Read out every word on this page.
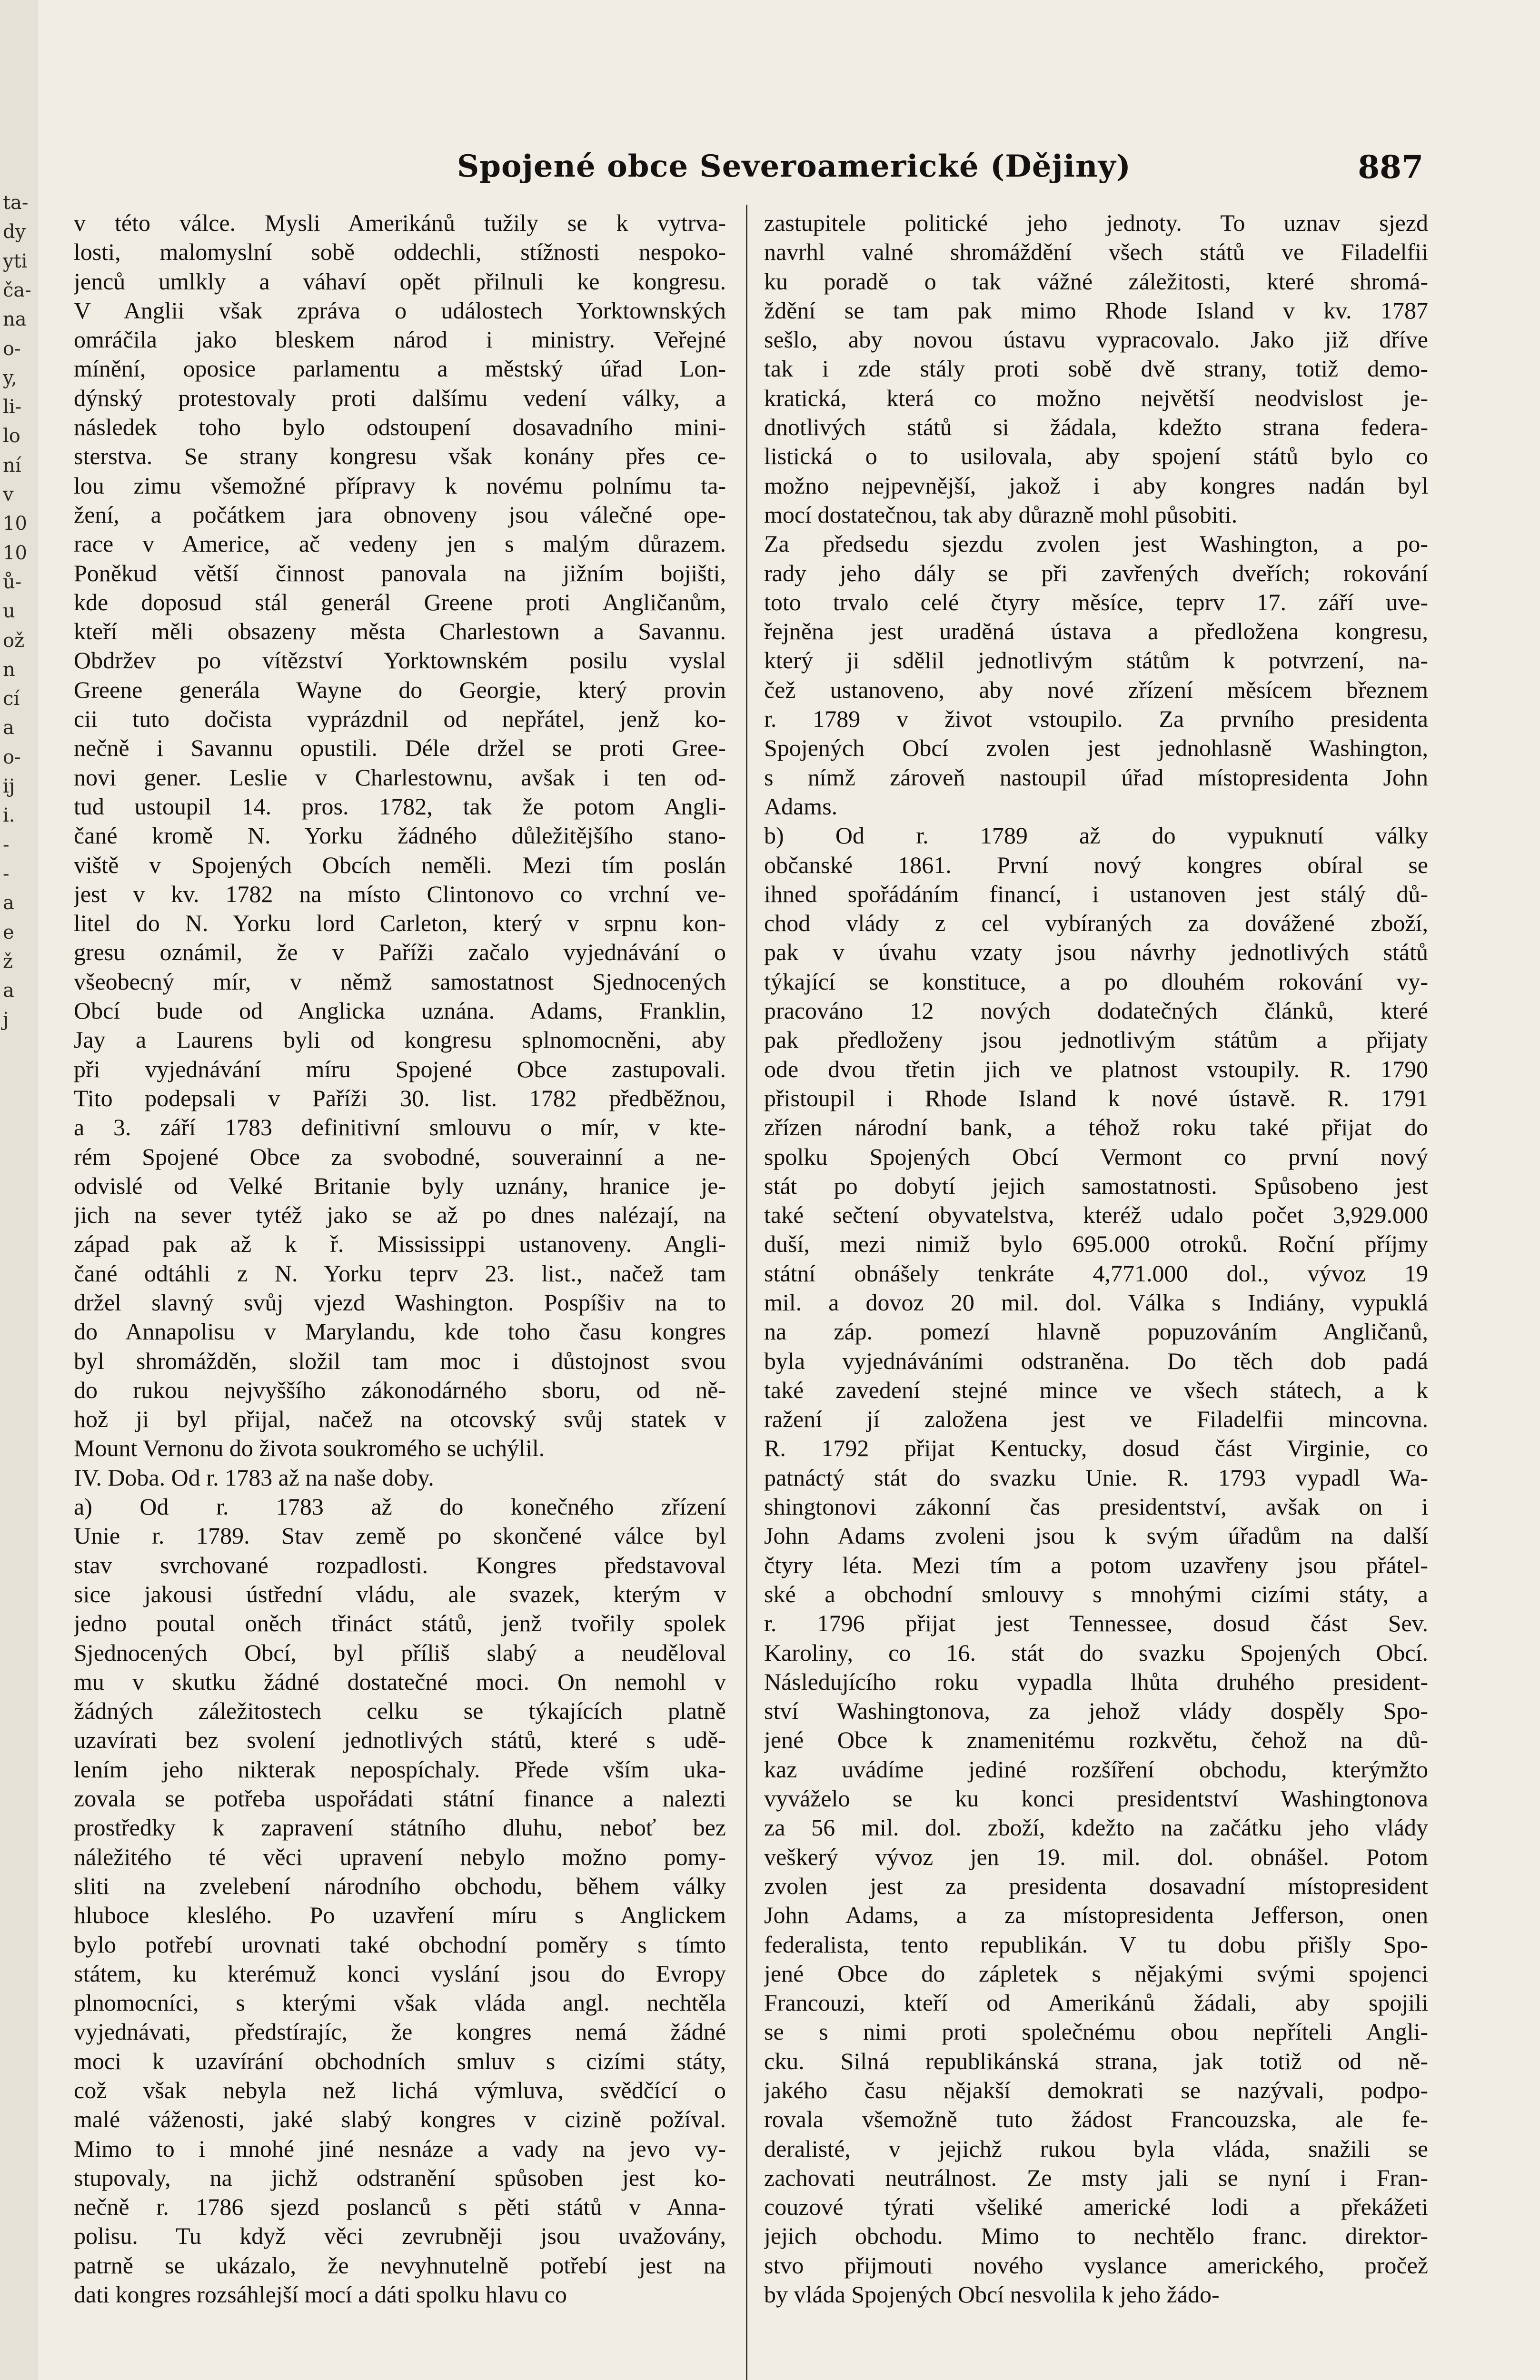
ta-
dy
yti
ča-
na
o-
y,
li-
lo
ní
v
10
10
ů-
u
ož
n
cí
a
o-
ij
i.
-
-
a
e
ž
a
j
Spojené obce Severoamerické (Dějiny)	887
v této válce. Mysli Amerikánů tužily se k vytrva-
losti, malomyslní sobě oddechli, stížnosti nespoko-
jenců umlkly a váhaví opět přilnuli ke kongresu.
V Anglii však zpráva o událostech Yorktownských
omráčila jako bleskem národ i ministry. Veřejné
mínění, oposice parlamentu a městský úřad Lon-
dýnský protestovaly proti dalšímu vedení války, a
následek toho bylo odstoupení dosavadního mini-
sterstva. Se strany kongresu však konány přes ce-
lou zimu všemožné přípravy k novému polnímu ta-
žení, a počátkem jara obnoveny jsou válečné ope-
race v Americe, ač vedeny jen s malým důrazem.
Poněkud větší činnost panovala na jižním bojišti,
kde doposud stál generál Greene proti Angličanům,
kteří měli obsazeny města Charlestown a Savannu.
Obdržev po vítězství Yorktownském posilu vyslal
Greene generála Wayne do Georgie, který provin
cii tuto dočista vyprázdnil od nepřátel, jenž ko-
nečně i Savannu opustili. Déle držel se proti Gree-
novi gener. Leslie v Charlestownu, avšak i ten od-
tud ustoupil 14. pros. 1782, tak že potom Angli-
čané kromě N. Yorku žádného důležitějšího stano-
viště v Spojených Obcích neměli. Mezi tím poslán
jest v kv. 1782 na místo Clintonovo co vrchní ve-
litel do N. Yorku lord Carleton, který v srpnu kon-
gresu oznámil, že v Paříži začalo vyjednávání o
všeobecný mír, v němž samostatnost Sjednocených
Obcí bude od Anglicka uznána. Adams, Franklin,
Jay a Laurens byli od kongresu splnomocněni, aby
při vyjednávání míru Spojené Obce zastupovali.
Tito podepsali v Paříži 30. list. 1782 předběžnou,
a 3. září 1783 definitivní smlouvu o mír, v kte-
rém Spojené Obce za svobodné, souverainní a ne-
odvislé od Velké Britanie byly uznány, hranice je-
jich na sever tytéž jako se až po dnes nalézají, na
západ pak až k ř. Mississippi ustanoveny. Angli-
čané odtáhli z N. Yorku teprv 23. list., načež tam
držel slavný svůj vjezd Washington. Pospíšiv na to
do Annapolisu v Marylandu, kde toho času kongres
byl shromážděn, složil tam moc i důstojnost svou
do rukou nejvyššího zákonodárného sboru, od ně-
hož ji byl přijal, načež na otcovský svůj statek v
Mount Vernonu do života soukromého se uchýlil.
IV. Doba. Od r. 1783 až na naše doby.
a) Od r. 1783 až do konečného zřízení
Unie r. 1789. Stav země po skončené válce byl
stav svrchované rozpadlosti. Kongres představoval
sice jakousi ústřední vládu, ale svazek, kterým v
jedno poutal oněch třináct států, jenž tvořily spolek
Sjednocených Obcí, byl příliš slabý a neuděloval
mu v skutku žádné dostatečné moci. On nemohl v
žádných záležitostech celku se týkajících platně
uzavírati bez svolení jednotlivých států, které s udě-
lením jeho nikterak nepospíchaly. Přede vším uka-
zovala se potřeba uspořádati státní finance a nalezti
prostředky k zapravení státního dluhu, neboť bez
náležitého té věci upravení nebylo možno pomy-
sliti na zvelebení národního obchodu, během války
hluboce klesléhо. Po uzavření míru s Anglickem
bylo potřebí urovnati také obchodní poměry s tímto
státem, ku kterémuž konci vyslání jsou do Evropy
plnomocníci, s kterými však vláda angl. nechtěla
vyjednávati, předstírajíc, že kongres nemá žádné
moci k uzavírání obchodních smluv s cizími státy,
což však nebyla než lichá výmluva, svědčící o
malé váženosti, jaké slabý kongres v cizině požíval.
Mimo to i mnohé jiné nesnáze a vady na jevo vy-
stupovaly, na jichž odstranění spůsoben jest ko-
nečně r. 1786 sjezd poslanců s pěti států v Anna-
polisu. Tu když věci zevrubněji jsou uvažovány,
patrně se ukázalo, že nevyhnutelně potřebí jest na
dati kongres rozsáhlejší mocí a dáti spolku hlavu co
zastupitele politické jeho jednoty. To uznav sjezd
navrhl valné shromáždění všech států ve Filadelfii
ku poradě o tak vážné záležitosti, které shromá-
ždění se tam pak mimo Rhode Island v kv. 1787
sešlo, aby novou ústavu vypracovalo. Jako již dříve
tak i zde stály proti sobě dvě strany, totiž demo-
kratická, která co možno největší neodvislost je-
dnotlivých států si žádala, kdežto strana federa-
listická o to usilovala, aby spojení států bylo co
možno nejpevnější, jakož i aby kongres nadán byl
mocí dostatečnou, tak aby důrazně mohl působiti.
Za předsedu sjezdu zvolen jest Washington, a po-
rady jeho dály se při zavřených dveřích; rokování
toto trvalo celé čtyry měsíce, teprv 17. září uve-
řejněna jest uradĕná ústava a předložena kongresu,
který ji sdělil jednotlivým státům k potvrzení, na-
čež ustanoveno, aby nové zřízení měsícem březnem
r. 1789 v život vstoupilo. Za prvního presidenta
Spojených Obcí zvolen jest jednohlasně Washington,
s nímž zároveň nastoupil úřad místopresidenta John
Adams.
b) Od r. 1789 až do vypuknutí války
občanské 1861. První nový kongres obíral se
ihned spořádáním financí, i ustanoven jest stálý dů-
chod vlády z cel vybíraných za dovážené zboží,
pak v úvahu vzaty jsou návrhy jednotlivých států
týkající se konstituce, a po dlouhém rokování vy-
pracováno 12 nových dodatečných článků, které
pak předloženy jsou jednotlivým státům a přijaty
ode dvou třetin jich ve platnost vstoupily. R. 1790
přistoupil i Rhode Island k nové ústavě. R. 1791
zřízen národní bank, a téhož roku také přijat do
spolku Spojených Obcí Vermont co první nový
stát po dobytí jejich samostatnosti. Spůsobeno jest
také sečtení obyvatelstva, kteréž udalo počet 3,929.000
duší, mezi nimiž bylo 695.000 otroků. Roční příjmy
státní obnášely tenkráte 4,771.000 dol., vývoz 19
mil. a dovoz 20 mil. dol. Válka s Indiány, vypuklá
na záp. pomezí hlavně popuzováním Angličanů,
byla vyjednáváními odstraněna. Do těch dob padá
také zavedení stejné mince ve všech státech, a k
ražení jí založena jest ve Filadelfii mincovna.
R. 1792 přijat Kentucky, dosud část Virginie, co
patnáctý stát do svazku Unie. R. 1793 vypadl Wa-
shingtonovi zákonní čas presidentství, avšak on i
John Adams zvoleni jsou k svým úřadům na další
čtyry léta. Mezi tím a potom uzavřeny jsou přátel-
ské a obchodní smlouvy s mnohými cizími státy, a
r. 1796 přijat jest Tennessee, dosud část Sev.
Karoliny, co 16. stát do svazku Spojených Obcí.
Následujícího roku vypadla lhůta druhého president-
ství Washingtonova, za jehož vlády dospěly Spo-
jené Obce k znamenitému rozkvětu, čehož na dů-
kaz uvádíme jediné rozšíření obchodu, kterýmžto
vyváželo se ku konci presidentství Washingtonova
za 56 mil. dol. zboží, kdežto na začátku jeho vlády
veškerý vývoz jen 19. mil. dol. obnášel. Potom
zvolen jest za presidenta dosavadní místopresident
John Adams, a za místopresidenta Jefferson, onen
federalista, tento republikán. V tu dobu přišly Spo-
jené Obce do zápletek s nějakými svými spojenci
Francouzi, kteří od Amerikánů žádali, aby spojili
se s nimi proti společnému obou nepříteli Angli-
cku. Silná republikánská strana, jak totiž od ně-
jakého času nějakší demokrati se nazývali, podpo-
rovala všemožně tuto žádost Francouzska, ale fe-
deralisté, v jejichž rukou byla vláda, snažili se
zachovati neutrálnost. Ze msty jali se nyní i Fran-
couzové týrati všeliké americké lodi a překážeti
jejich obchodu. Mimo to nechtělo franc. direktor-
stvo přijmouti nového vyslance amerického, pročež
by vláda Spojených Obcí nesvolila k jeho žádo-
